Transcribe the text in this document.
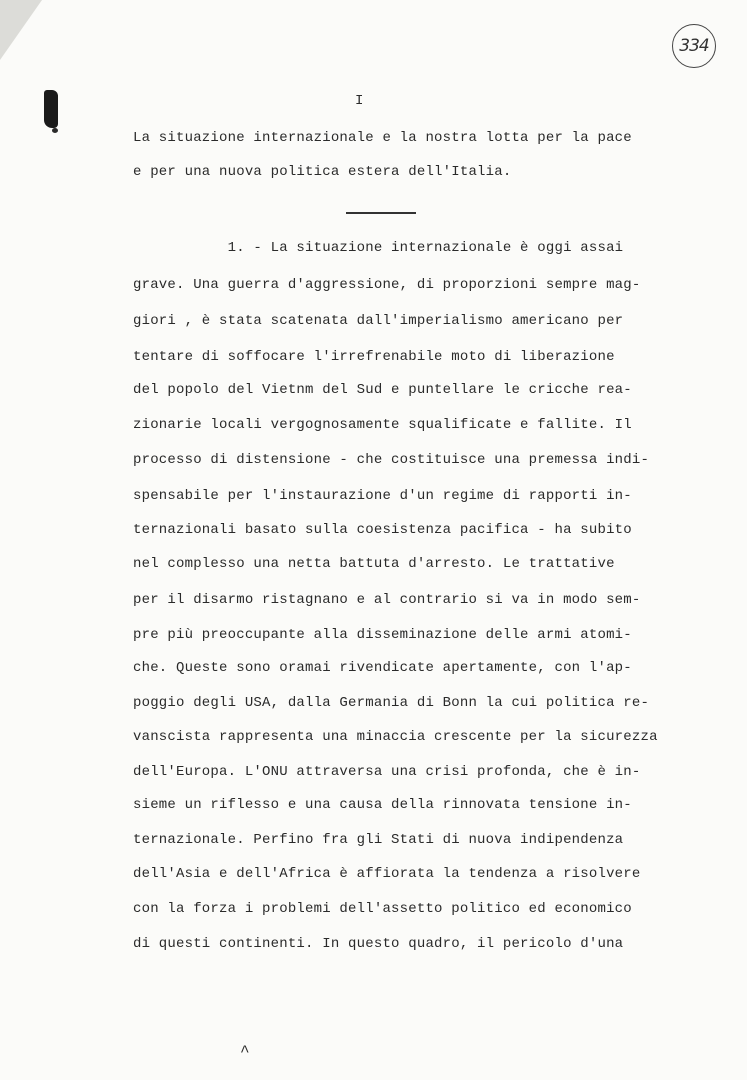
334
I
La situazione internazionale e la nostra lotta per la pace
e per una nuova politica estera dell'Italia.
1. - La situazione internazionale è oggi assai
grave. Una guerra d'aggressione, di proporzioni sempre mag-
giori , è stata scatenata dall'imperialismo americano per
tentare di soffocare l'irrefrenabile moto di liberazione
del popolo del Vietnm del Sud e puntellare le cricche rea-
zionarie locali vergognosamente squalificate e fallite. Il
processo di distensione - che costituisce una premessa indi-
spensabile per l'instaurazione d'un regime di rapporti in-
ternazionali basato sulla coesistenza pacifica - ha subito
nel complesso una netta battuta d'arresto. Le trattative
per il disarmo ristagnano e al contrario si va in modo sem-
pre più preoccupante alla disseminazione delle armi atomi-
che. Queste sono oramai rivendicate apertamente, con l'ap-
poggio degli USA, dalla Germania di Bonn la cui politica re-
vanscista rappresenta una minaccia crescente per la sicurezza
dell'Europa. L'ONU attraversa una crisi profonda, che è in-
sieme un riflesso e una causa della rinnovata tensione in-
ternazionale. Perfino fra gli Stati di nuova indipendenza
dell'Asia e dell'Africa è affiorata la tendenza a risolvere
con la forza i problemi dell'assetto politico ed economico
di questi continenti. In questo quadro, il pericolo d'una
^
